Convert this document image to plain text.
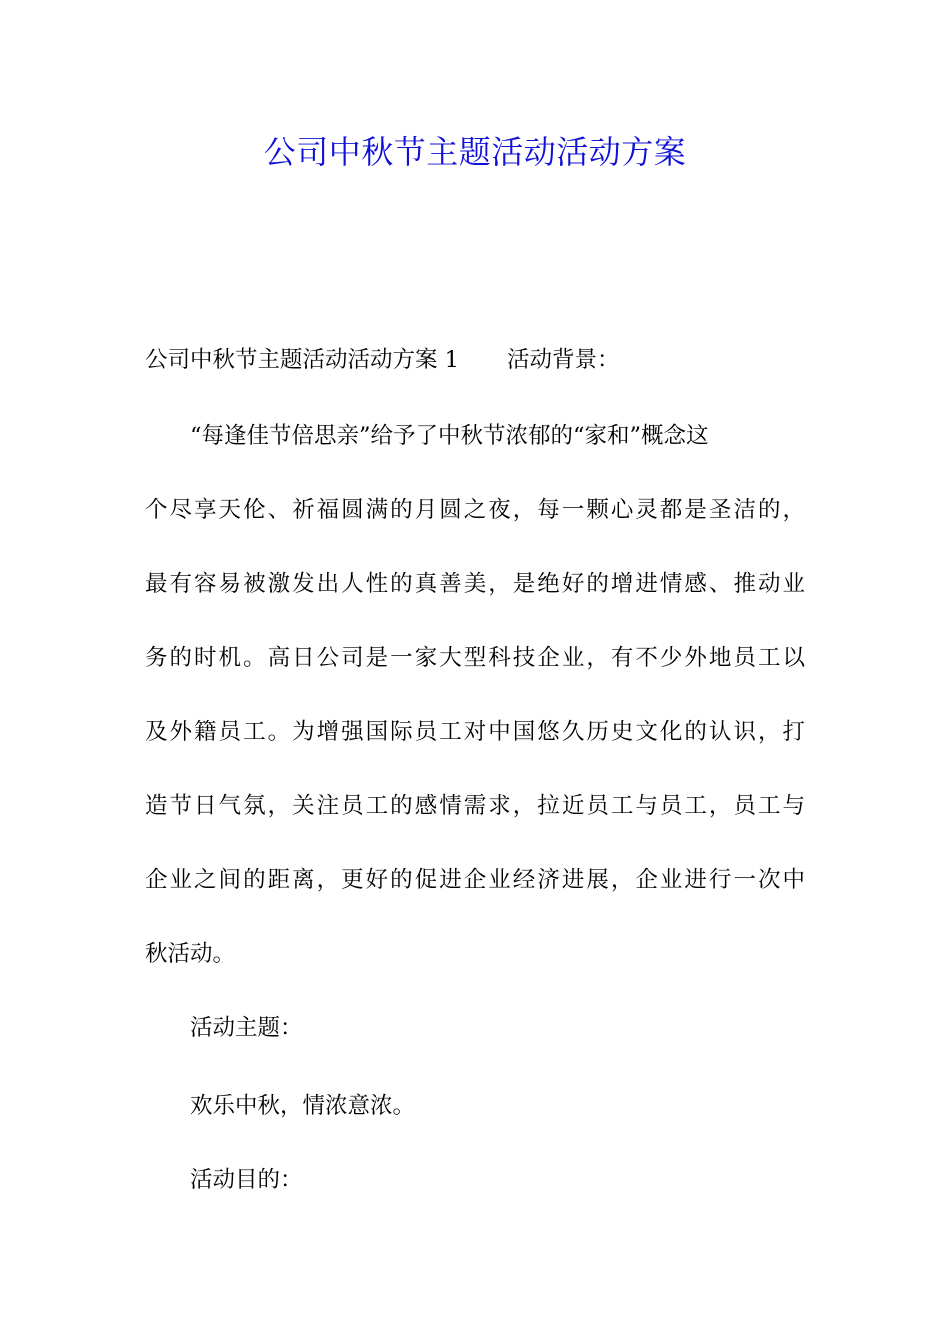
公司中秋节主题活动活动方案
公司中秋节主题活动活动方案 1 活动背景：
“每逢佳节倍思亲”给予了中秋节浓郁的“家和”概念这
个尽享天伦、祈福圆满的月圆之夜，每一颗心灵都是圣洁的，
最有容易被激发出人性的真善美，是绝好的增进情感、推动业
务的时机。高日公司是一家大型科技企业，有不少外地员工以
及外籍员工。为增强国际员工对中国悠久历史文化的认识，打
造节日气氛，关注员工的感情需求，拉近员工与员工，员工与
企业之间的距离，更好的促进企业经济进展，企业进行一次中
秋活动。
活动主题：
欢乐中秋，情浓意浓。
活动目的：
